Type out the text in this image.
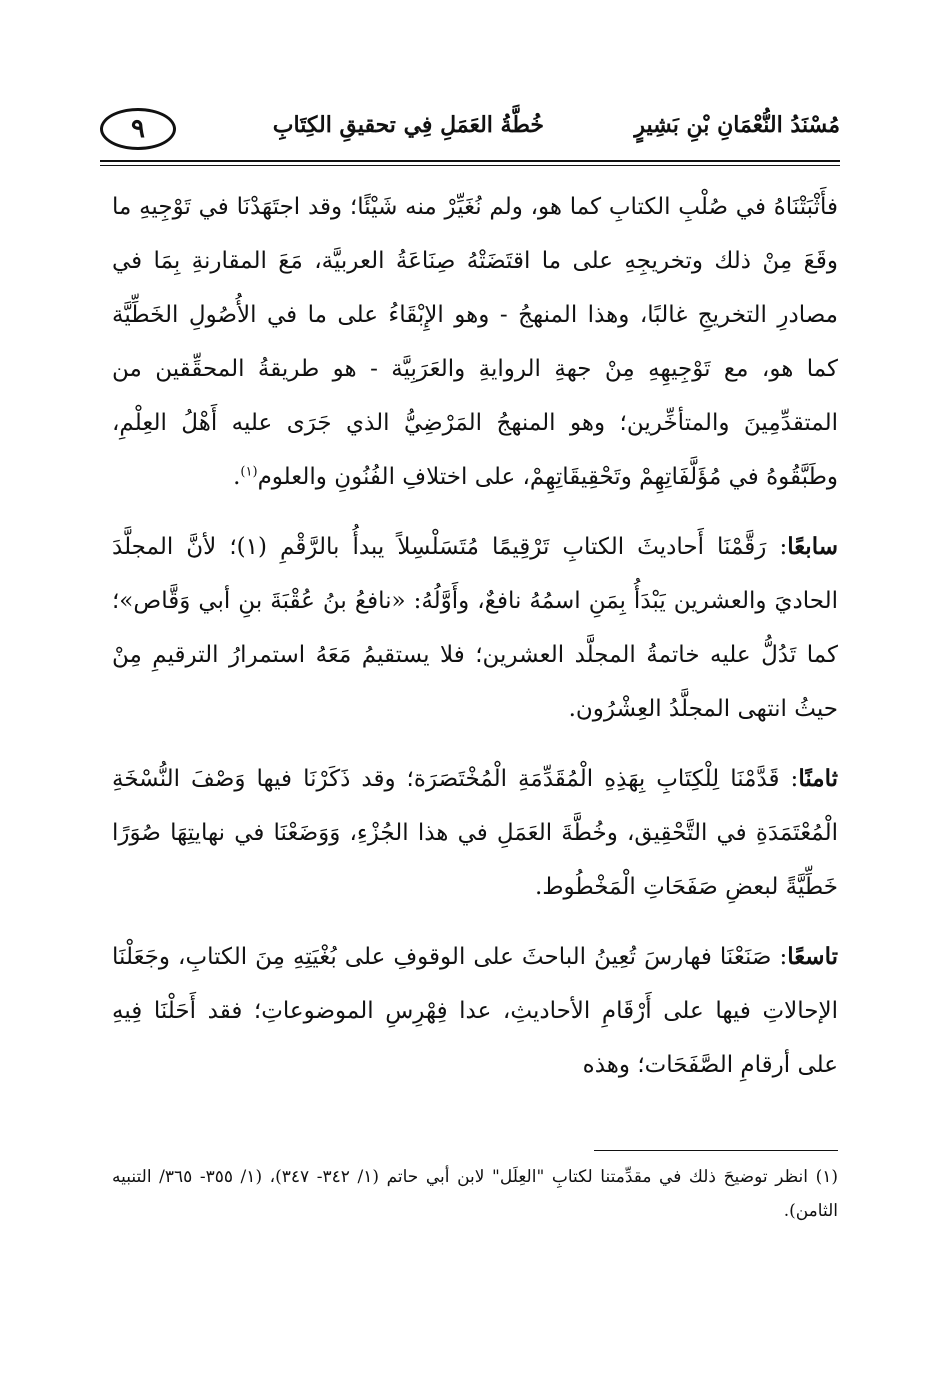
٩	مُسْنَدُ النُّعْمَانِ بْنِ بَشِيرٍ
خُطَّةُ العَمَلِ فِي تحقيقِ الكِتَابِ

فأَثْبَتْنَاهُ في صُلْبِ الكتابِ كما هو، ولم نُغَيِّرْ منه شَيْئًا؛ وقد اجتَهَدْنَا في تَوْجِيهِ ما وقَعَ مِنْ ذلك وتخريجِهِ على ما اقتَضَتْهُ صِنَاعَةُ العربيَّة، مَعَ المقارنةِ بِمَا في مصادرِ التخريجِ غالبًا، وهذا المنهجُ - وهو الإِبْقَاءُ على ما في الأُصُولِ الخَطِّيَّة كما هو، مع تَوْجِيهِهِ مِنْ جهةِ الروايةِ والعَرَبِيَّة - هو طريقةُ المحقِّقين من المتقدِّمِينَ والمتأخِّرين؛ وهو المنهجُ المَرْضِيُّ الذي جَرَى عليه أَهْلُ العِلْمِ، وطَبَّقُوهُ في مُؤَلَّفَاتِهِمْ وتَحْقِيقَاتِهِمْ، على اختلافِ الفُنُونِ والعلوم$^{(١)}$.

سابعًا: رَقَّمْنَا أَحاديثَ الكتابِ تَرْقِيمًا مُتَسَلْسِلاً يبدأُ بالرَّقْمِ (١)؛ لأنَّ المجلَّدَ الحاديَ والعشرين يَبْدَأُ بِمَنِ اسمُهُ نافعٌ، وأَوَّلُهُ: «نافعُ بنُ عُقْبَةَ بنِ أبي وَقَّاص»؛ كما تَدُلُّ عليه خاتمةُ المجلَّد العشرين؛ فلا يستقيمُ مَعَهُ استمرارُ الترقيمِ مِنْ حيثُ انتهى المجلَّدُ العِشْرُون.

ثامنًا: قَدَّمْنَا لِلْكِتَابِ بِهَذِهِ الْمُقَدِّمَةِ الْمُخْتَصَرَة؛ وقد ذَكَرْنَا فيها وَصْفَ النُّسْخَةِ الْمُعْتَمَدَةِ في التَّحْقِيق، وخُطَّةَ العَمَلِ في هذا الجُزْءِ، وَوَضَعْنَا في نهايتِهَا صُوَرًا خَطِّيَّةً لبعضِ صَفَحَاتِ الْمَخْطُوط.

تاسعًا: صَنَعْنَا فهارسَ تُعِينُ الباحثَ على الوقوفِ على بُغْيَتِهِ مِنَ الكتابِ، وجَعَلْنَا الإحالاتِ فيها على أَرْقَامِ الأحاديثِ، عدا فِهْرِسِ الموضوعاتِ؛ فقد أَحَلْنَا فِيهِ على أرقامِ الصَّفَحَات؛ وهذه

(١) انظر توضيحَ ذلك في مقدِّمتنا لكتابِ "العِلَل" لابن أبي حاتم (١/ ٣٤٢- ٣٤٧)، (١/ ٣٥٥- ٣٦٥/ التنبيه الثامن).
